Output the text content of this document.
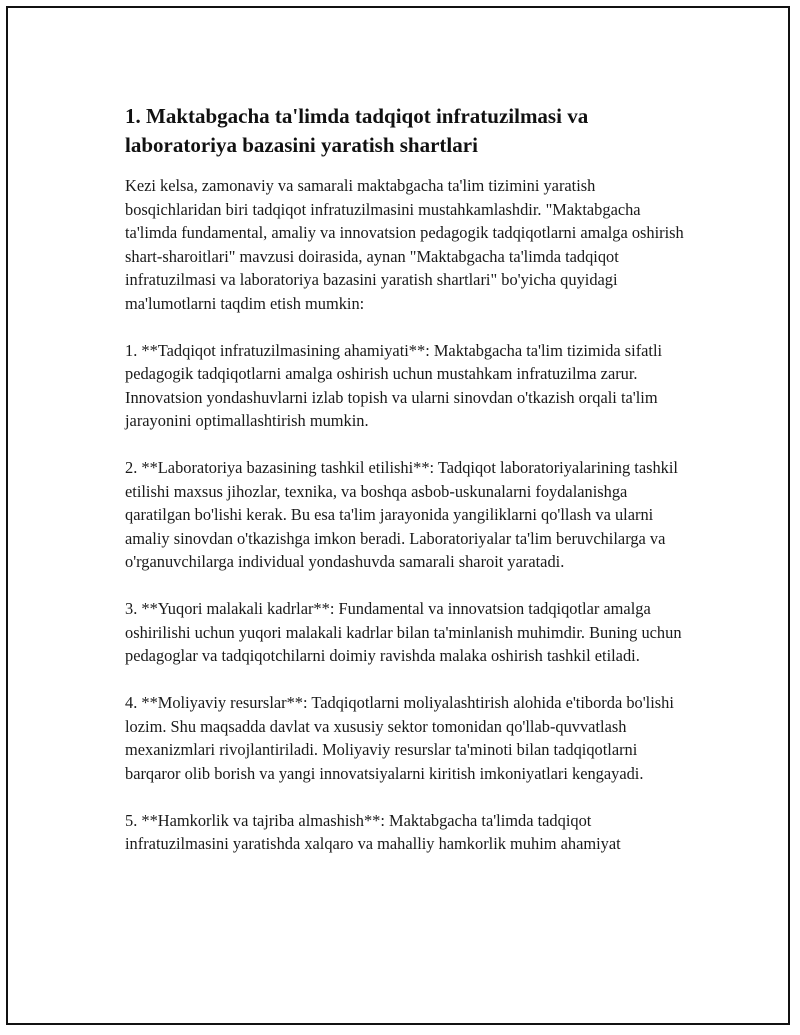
1. Maktabgacha ta'limda tadqiqot infratuzilmasi va laboratoriya bazasini yaratish shartlari

Kezi kelsa, zamonaviy va samarali maktabgacha ta'lim tizimini yaratish bosqichlaridan biri tadqiqot infratuzilmasini mustahkamlashdir. "Maktabgacha ta'limda fundamental, amaliy va innovatsion pedagogik tadqiqotlarni amalga oshirish shart-sharoitlari" mavzusi doirasida, aynan "Maktabgacha ta'limda tadqiqot infratuzilmasi va laboratoriya bazasini yaratish shartlari" bo'yicha quyidagi ma'lumotlarni taqdim etish mumkin:

1. **Tadqiqot infratuzilmasining ahamiyati**: Maktabgacha ta'lim tizimida sifatli pedagogik tadqiqotlarni amalga oshirish uchun mustahkam infratuzilma zarur. Innovatsion yondashuvlarni izlab topish va ularni sinovdan o'tkazish orqali ta'lim jarayonini optimallashtirish mumkin.

2. **Laboratoriya bazasining tashkil etilishi**: Tadqiqot laboratoriyalarining tashkil etilishi maxsus jihozlar, texnika, va boshqa asbob-uskunalarni foydalanishga qaratilgan bo'lishi kerak. Bu esa ta'lim jarayonida yangiliklarni qo'llash va ularni amaliy sinovdan o'tkazishga imkon beradi. Laboratoriyalar ta'lim beruvchilarga va o'rganuvchilarga individual yondashuvda samarali sharoit yaratadi.

3. **Yuqori malakali kadrlar**: Fundamental va innovatsion tadqiqotlar amalga oshirilishi uchun yuqori malakali kadrlar bilan ta'minlanish muhimdir. Buning uchun pedagoglar va tadqiqotchilarni doimiy ravishda malaka oshirish tashkil etiladi.

4. **Moliyaviy resurslar**: Tadqiqotlarni moliyalashtirish alohida e'tiborda bo'lishi lozim. Shu maqsadda davlat va xususiy sektor tomonidan qo'llab-quvvatlash mexanizmlari rivojlantiriladi. Moliyaviy resurslar ta'minoti bilan tadqiqotlarni barqaror olib borish va yangi innovatsiyalarni kiritish imkoniyatlari kengayadi.

5. **Hamkorlik va tajriba almashish**: Maktabgacha ta'limda tadqiqot infratuzilmasini yaratishda xalqaro va mahalliy hamkorlik muhim ahamiyat
